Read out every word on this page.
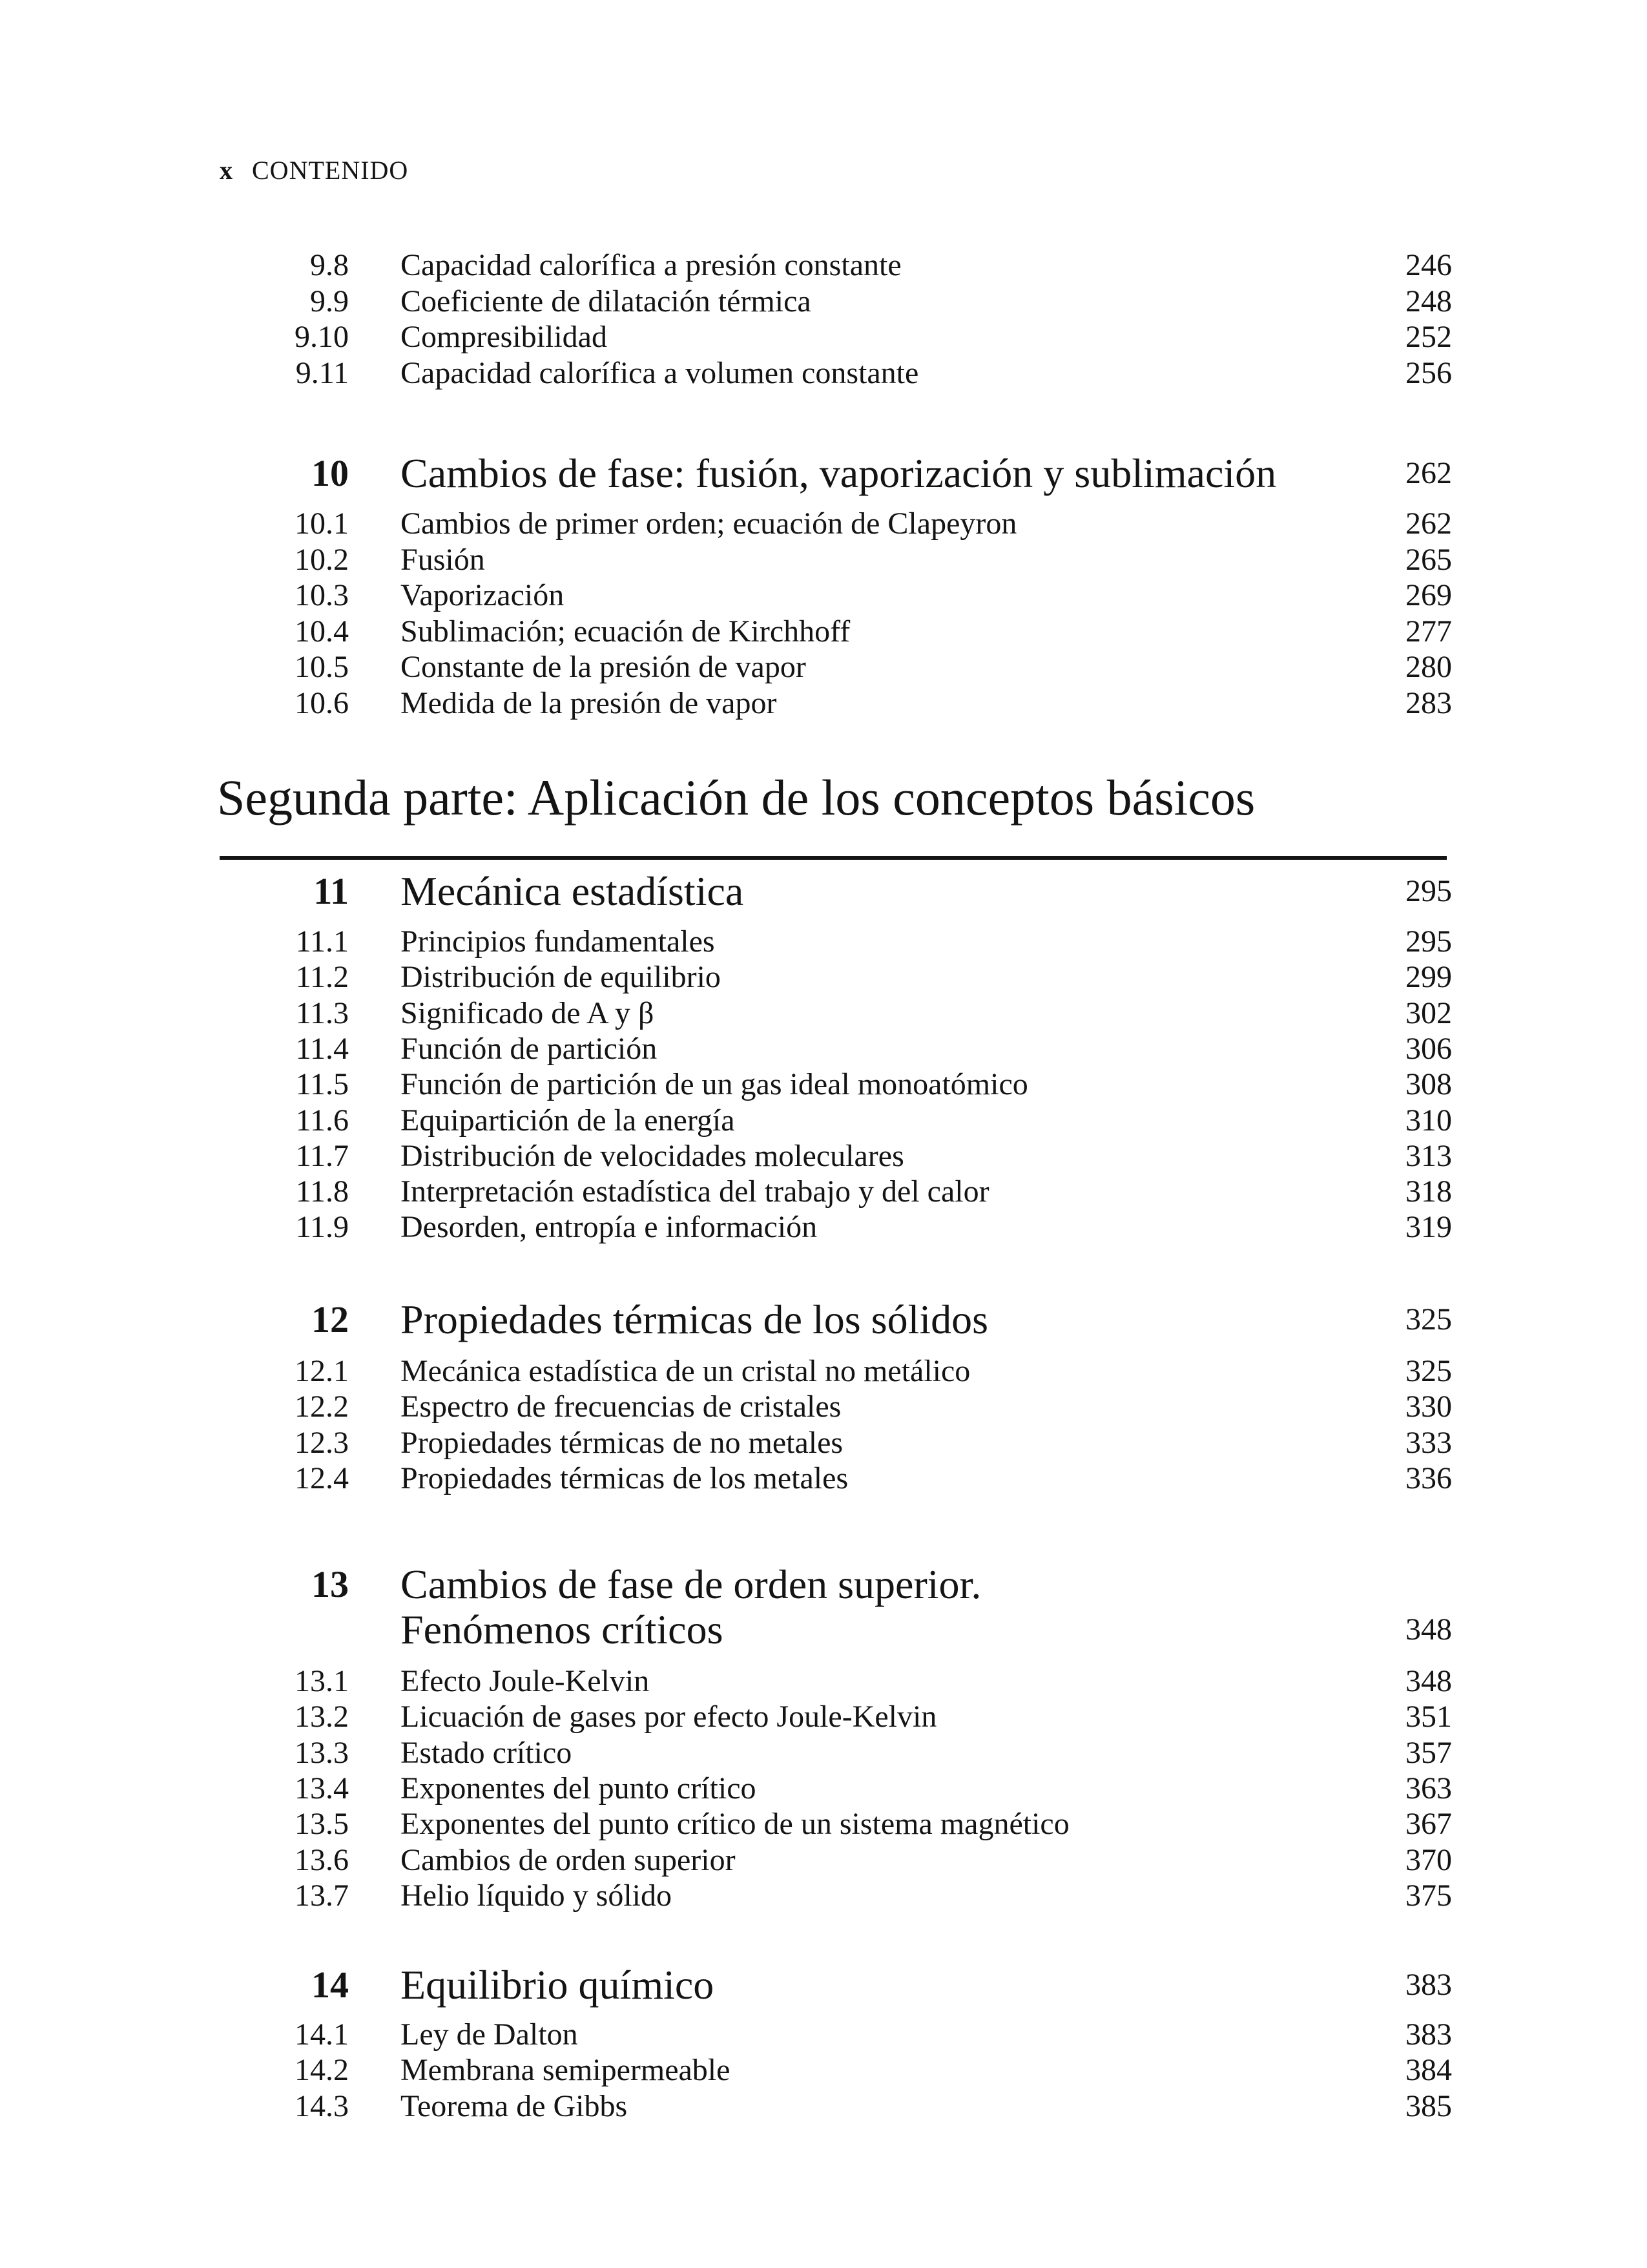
x CONTENIDO
Segunda parte: Aplicación de los conceptos básicos
9.8 Capacidad calorífica a presión constante	246
9.9 Coeficiente de dilatación térmica	248
9.10 Compresibilidad	252
9.11 Capacidad calorífica a volumen constante	256
10 Cambios de fase: fusión, vaporización y sublimación	262
10.1 Cambios de primer orden; ecuación de Clapeyron	262
10.2 Fusión	265
10.3 Vaporización	269
10.4 Sublimación; ecuación de Kirchhoff	277
10.5 Constante de la presión de vapor	280
10.6 Medida de la presión de vapor	283
11 Mecánica estadística	295
11.1 Principios fundamentales	295
11.2 Distribución de equilibrio	299
11.3 Significado de A y β	302
11.4 Función de partición	306
11.5 Función de partición de un gas ideal monoatómico	308
11.6 Equipartición de la energía	310
11.7 Distribución de velocidades moleculares	313
11.8 Interpretación estadística del trabajo y del calor	318
11.9 Desorden, entropía e información	319
12 Propiedades térmicas de los sólidos	325
12.1 Mecánica estadística de un cristal no metálico	325
12.2 Espectro de frecuencias de cristales	330
12.3 Propiedades térmicas de no metales	333
12.4 Propiedades térmicas de los metales	336
13 Cambios de fase de orden superior.
Fenómenos críticos	348
13.1 Efecto Joule-Kelvin	348
13.2 Licuación de gases por efecto Joule-Kelvin	351
13.3 Estado crítico	357
13.4 Exponentes del punto crítico	363
13.5 Exponentes del punto crítico de un sistema magnético	367
13.6 Cambios de orden superior	370
13.7 Helio líquido y sólido	375
14 Equilibrio químico	383
14.1 Ley de Dalton	383
14.2 Membrana semipermeable	384
14.3 Teorema de Gibbs	385
